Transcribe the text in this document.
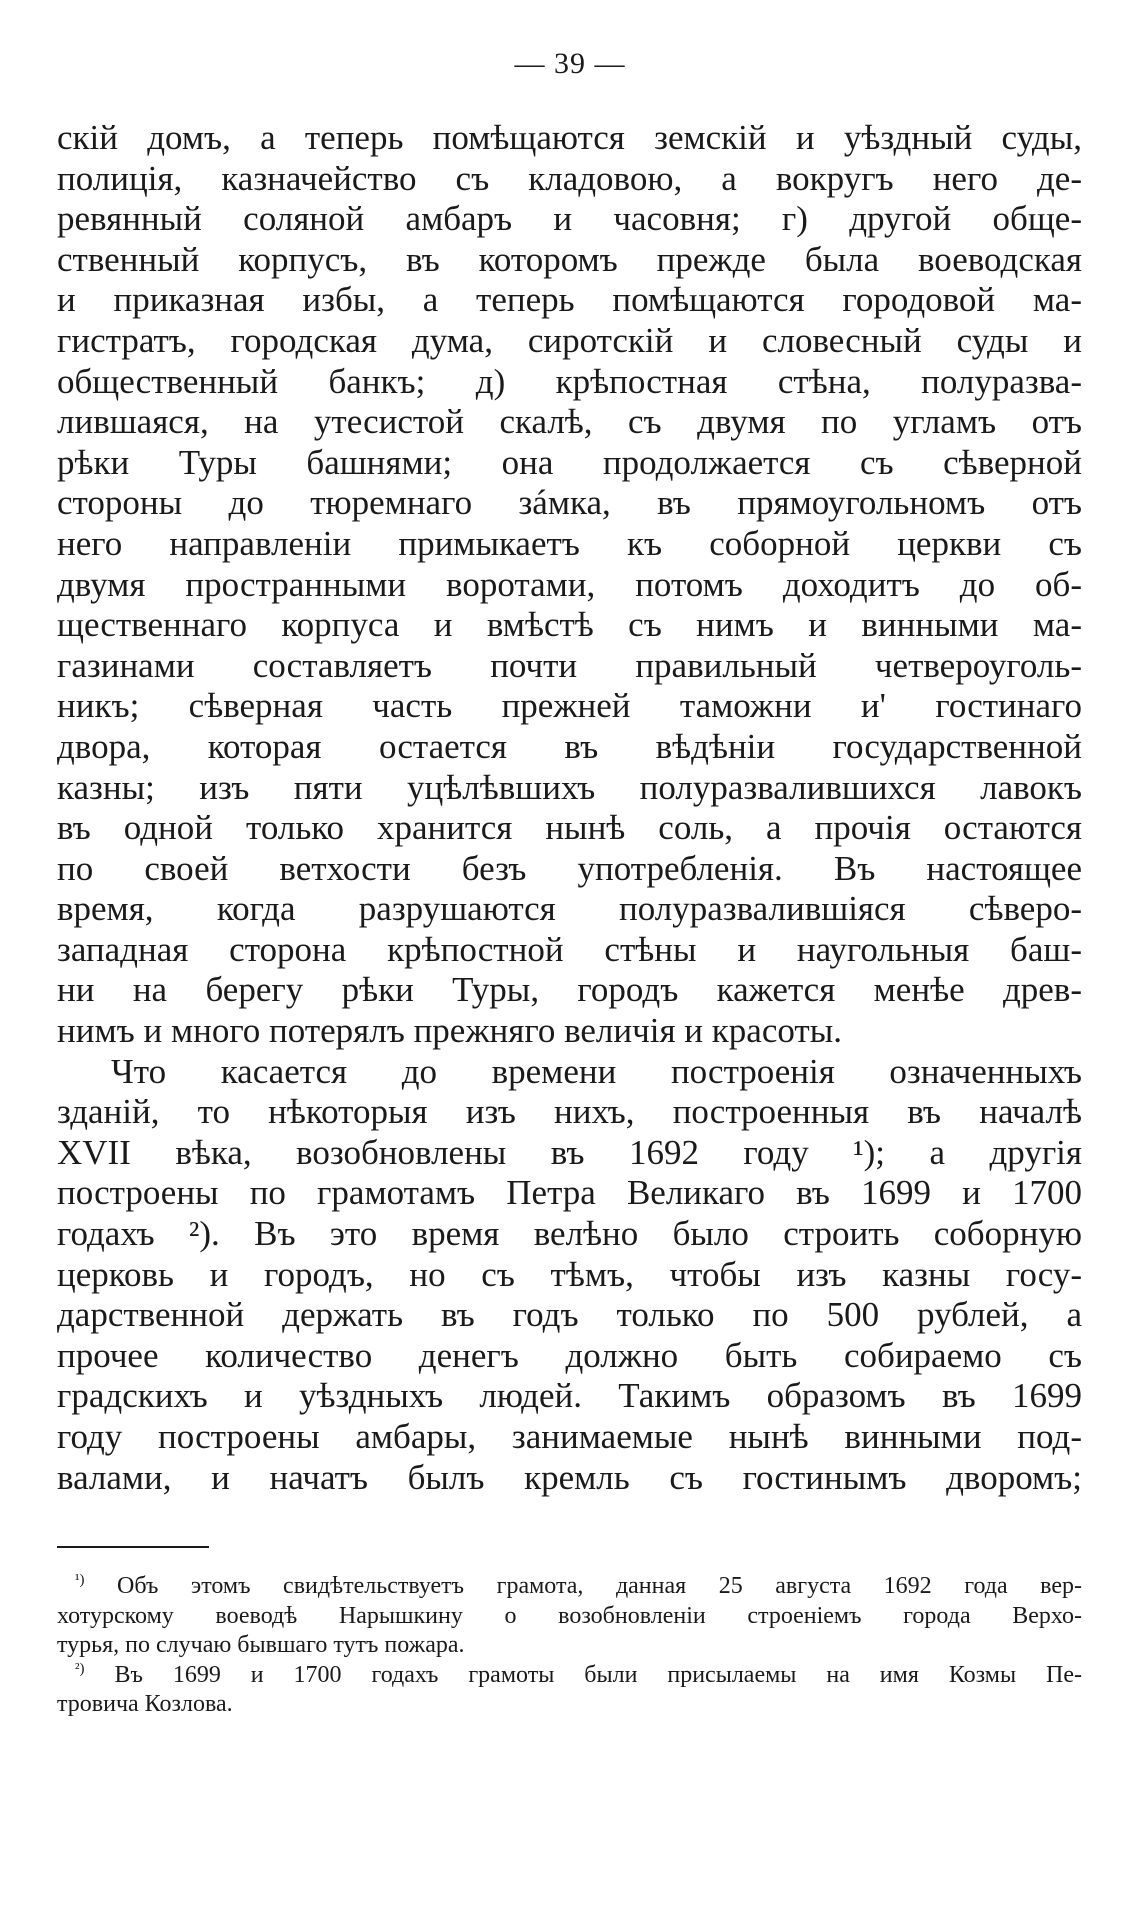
— 39 —
скій домъ, а теперь помѣщаются земскій и уѣздный суды,
полиція, казначейство съ кладовою, а вокругъ него де-
ревянный соляной амбаръ и часовня; г) другой обще-
ственный корпусъ, въ которомъ прежде была воеводская
и приказная избы, а теперь помѣщаются городовой ма-
гистратъ, городская дума, сиротскій и словесный суды и
общественный банкъ; д) крѣпостная стѣна, полуразва-
лившаяся, на утесистой скалѣ, съ двумя по угламъ отъ
рѣки Туры башнями; она продолжается съ сѣверной
стороны до тюремнаго зáмка, въ прямоугольномъ отъ
него направленіи примыкаетъ къ соборной церкви съ
двумя пространными воротами, потомъ доходитъ до об-
щественнаго корпуса и вмѣстѣ съ нимъ и винными ма-
газинами составляетъ почти правильный четвероуголь-
никъ; сѣверная часть прежней таможни и' гостинаго
двора, которая остается въ вѣдѣніи государственной
казны; изъ пяти уцѣлѣвшихъ полуразвалившихся лавокъ
въ одной только хранится нынѣ соль, а прочія остаются
по своей ветхости безъ употребленія. Въ настоящее
время, когда разрушаются полуразвалившіяся сѣверо-
западная сторона крѣпостной стѣны и наугольныя баш-
ни на берегу рѣки Туры, городъ кажется менѣе древ-
нимъ и много потерялъ прежняго величія и красоты.
Что касается до времени построенія означенныхъ
зданій, то нѣкоторыя изъ нихъ, построенныя въ началѣ
XVII вѣка, возобновлены въ 1692 году ¹); а другія
построены по грамотамъ Петра Великаго въ 1699 и 1700
годахъ ²). Въ это время велѣно было строить соборную
церковь и городъ, но съ тѣмъ, чтобы изъ казны госу-
дарственной держать въ годъ только по 500 рублей, а
прочее количество денегъ должно быть собираемо съ
градскихъ и уѣздныхъ людей. Такимъ образомъ въ 1699
году построены амбары, занимаемые нынѣ винными под-
валами, и начатъ былъ кремль съ гостинымъ дворомъ;
$^{^1)}$ Объ этомъ свидѣтельствуетъ грамота, данная 25 августа 1692 года вер-
хотурскому воеводѣ Нарышкину о возобновленіи строеніемъ города Верхо-
турья, по случаю бывшаго тутъ пожара.
$^{^2)}$ Въ 1699 и 1700 годахъ грамоты были присылаемы на имя Козмы Пе-
тровича Козлова.
